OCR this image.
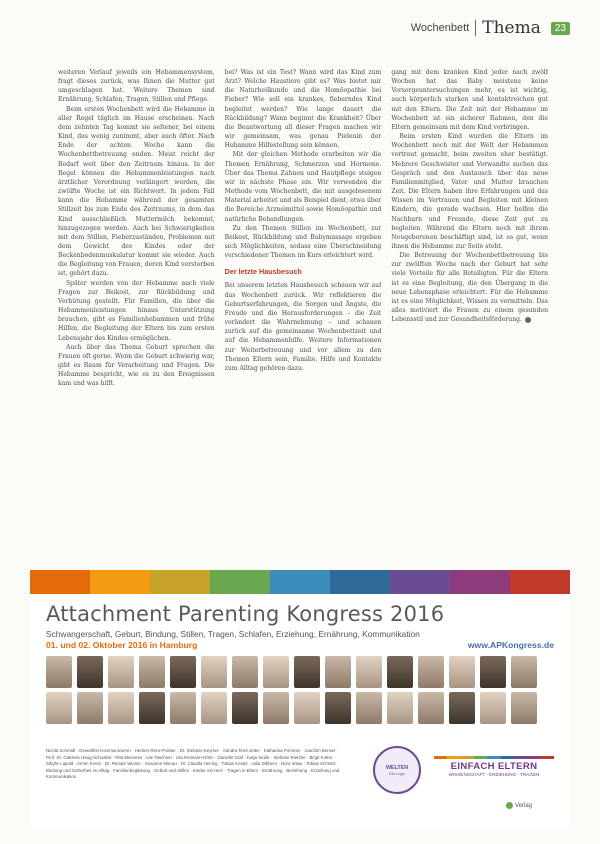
Wochenbett Thema	23

weiteren Verlauf jeweils ein Hebammensystem, fragt dieses zurück, was Ihnen die Mutter gut umgeschlagen hat. Weitere Themen sind Ernährung, Schlafen, Tragen, Stillen und Pflege.

Beim ersten Wochenbett wird die Hebamme in aller Regel täglich im Hause erscheinen. Nach dem zehnten Tag kommt sie seltener, bei einem Kind, das wenig zunimmt, aber auch öfter. Nach Ende der achten Woche kann die Wochenbettbetreuung enden. Meist reicht der Bedarf weit über den Zeitraum hinaus. In der Regel können die Hebammenleistungen nach ärztlicher Verordnung verlängert werden, die zwölfte Woche ist ein Richtwert. In jedem Fall kann die Hebamme während der gesamten Stillzeit bis zum Ende des Zeitraums, in dem das Kind ausschließlich Muttermilch bekommt, hinzugezogen werden. Auch bei Schwierigkeiten mit dem Stillen, Fieberzuständen, Problemen mit dem Gewicht des Kindes oder der Beckenbodenmuskulatur kommt sie wieder. Auch die Begleitung von Frauen, deren Kind verstorben ist, gehört dazu.

Später werden von der Hebamme auch viele Fragen zur Beikost, zur Rückbildung und Verhütung gestellt. Für Familien, die über die Hebammenleistungen hinaus Unterstützung brauchen, gibt es Familienhebammen und frühe Hilfen, die Begleitung der Eltern bis zum ersten Lebensjahr des Kindes ermöglichen.

Auch über das Thema Geburt sprechen die Frauen oft gerne. Wenn die Geburt schwierig war, gibt es Raum für Verarbeitung und Fragen. Die Hebamme bespricht, wie es zu den Ereignissen kam und was hilft.

bei? Was ist ein Test? Wann wird das Kind zum Arzt? Welche Haustiere gibt es? Was bietet mir die Naturheilkunde und die Homöopathie bei Fieber? Wie soll ein krankes, fieberndes Kind begleitet werden? Wie lange dauert die Rückbildung? Wann beginnt die Krankheit? Über die Beantwortung all dieser Fragen machen wir wir gemeinsam, was genau Pielenin der Hebamme Hilfestellung sein können.

Mit der gleichen Methode erarbeiten wir die Themen Ernährung, Schmerzen und Hormone. Über das Thema Zahnen und Hautpflege steigen wir in nächste Phase ein. Wir verwenden die Methode vom Wochenbett, die mit ausgelesenem Material arbeitet und als Beispiel dient, etwa über die Bereiche Arzneimittel sowie Homöopathie und natürliche Behandlungen.

Zu den Themen Stillen im Wochenbett, zur Beikost, Rückbildung und Babymassage ergeben sich Möglichkeiten, sodass eine Überschneidung verschiedener Themen im Kurs erleichtert wird.

Der letzte Hausbesuch

Bei unserem letzten Hausbesuch schauen wir auf das Wochenbett zurück. Wir reflektieren die Geburtserfahrungen, die Sorgen und Ängste, die Freude und die Herausforderungen – die Zeit verändert die Wahrnehmung – und schauen zurück auf die gemeinsame Wochenbettzeit und auf die Hebammenhilfe. Weitere Informationen zur Weiterbetreuung und vor allem zu den Themen Eltern sein, Familie, Hilfe und Kontakte zum Alltag gehören dazu.

gang mit dem kranken Kind jeder nach zwölf Wochen hat das Baby meistens keine Vorsorgeuntersuchungen mehr, es ist wichtig, auch körperlich starken und kontaktreichen gut mit den Eltern. Die Zeit mit der Hebamme im Wochenbett ist ein sicherer Rahmen, den die Eltern gemeinsam mit dem Kind verbringen.

Beim ersten Kind wurden die Eltern im Wochenbett noch mit der Welt der Hebammen vertraut gemacht, beim zweiten eher bestätigt. Mehrere Geschwister und Verwandte suchen das Gespräch und den Austausch über das neue Familienmitglied, Vater und Mutter brauchen Zeit. Die Eltern haben ihre Erfahrungen und das Wissen im Vertrauen und Begleiten mit kleinen Kindern, die gerade wachsen. Hier helfen die Nachbarn und Freunde, diese Zeit gut zu begleiten. Während die Eltern noch mit ihrem Neugeborenen beschäftigt sind, ist es gut, wenn ihnen die Hebamme zur Seite steht.

Die Betreuung der Wochenbettbetreuung bis zur zwölften Woche nach der Geburt hat sehr viele Vorteile für alle Beteiligten. Für die Eltern ist es eine Begleitung, die den Übergang in die neue Lebensphase erleichtert. Für die Hebamme ist es eine Möglichkeit, Wissen zu vermitteln. Das alles motiviert die Frauen zu einem gesunden Lebensstil und zur Gesundheitsförderung.

Attachment Parenting Kongress 2016
Schwangerschaft, Geburt, Bindung, Stillen, Tragen, Schlafen, Erziehung, Ernährung, Kommunikation
01. und 02. Oktober 2016 in Hamburg	www.APKongress.de
Nicola Schmidt · Gewaltfrei Kommunizieren · Herbert Renz-Polster · Dr. Stefanie Keymer · Sandra Teml-Jetter · Katharina Pommer · Joachim Bensel · Prof. Dr. Gabriele Haug-Schnabel · Rita Messmer · Ute Taschner · Uta Reimann-Höhn · Danielle Graf · Katja Seide · Stefanie Rietzler · Birgit Kotter · Sibylle Lüpold · Armin Krenz · Dr. Renate Wieser · Susanne Mierau · Dr. Claudia Hennig · Tobias Kestel · Julia Dibbern · Nora Imlau · Tobias Schmitz · Bindung und Sicherheit im Alltag · Familienbegleitung · Geburt und Stillen · Kinder mit Herz · Tragen in Eltern · Ernährung · Beziehung · Erziehung und Kommunikation
WELTEN
Ein Logo
EINFACH ELTERN
WISSENSCHAFT · ERZIEHUNG · TRAGEN
Verlag
